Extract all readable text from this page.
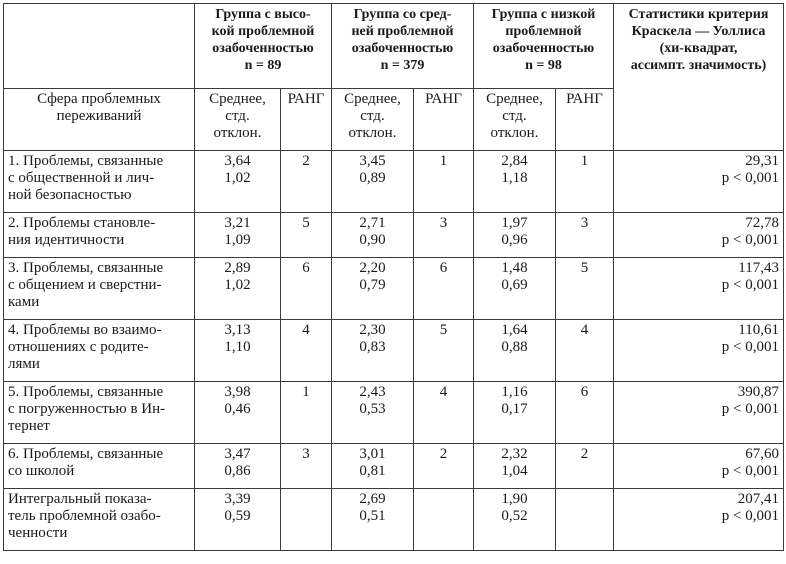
	Группа с высо-
кой проблемной
озабоченностью
n = 89		Группа со сред-
ней проблемной
озабоченностью
n = 379		Группа с низкой
проблемной
озабоченностью
n = 98		Статистики критерия
Краскела — Уоллиса
(хи-квадрат,
ассимпт. значимость)

Сфера проблемных
переживаний	Среднее,
стд.
отклон.	РАНГ	Среднее,
стд.
отклон.	РАНГ	Среднее,
стд.
отклон.	РАНГ	

1. Проблемы, связанные
с общественной и лич-
ной безопасностью	3,64
1,02	2	3,45
0,89	1	2,84
1,18	1	29,31
p < 0,001

2. Проблемы становле-
ния идентичности	3,21
1,09	5	2,71
0,90	3	1,97
0,96	3	72,78
p < 0,001

3. Проблемы, связанные
с общением и сверстни-
ками	2,89
1,02	6	2,20
0,79	6	1,48
0,69	5	117,43
p < 0,001

4. Проблемы во взаимо-
отношениях с родите-
лями	3,13
1,10	4	2,30
0,83	5	1,64
0,88	4	110,61
p < 0,001

5. Проблемы, связанные
с погруженностью в Ин-
тернет	3,98
0,46	1	2,43
0,53	4	1,16
0,17	6	390,87
p < 0,001

6. Проблемы, связанные
со школой	3,47
0,86	3	3,01
0,81	2	2,32
1,04	2	67,60
p < 0,001

Интегральный показа-
тель проблемной озабо-
ченности	3,39
0,59		2,69
0,51		1,90
0,52		207,41
p < 0,001
